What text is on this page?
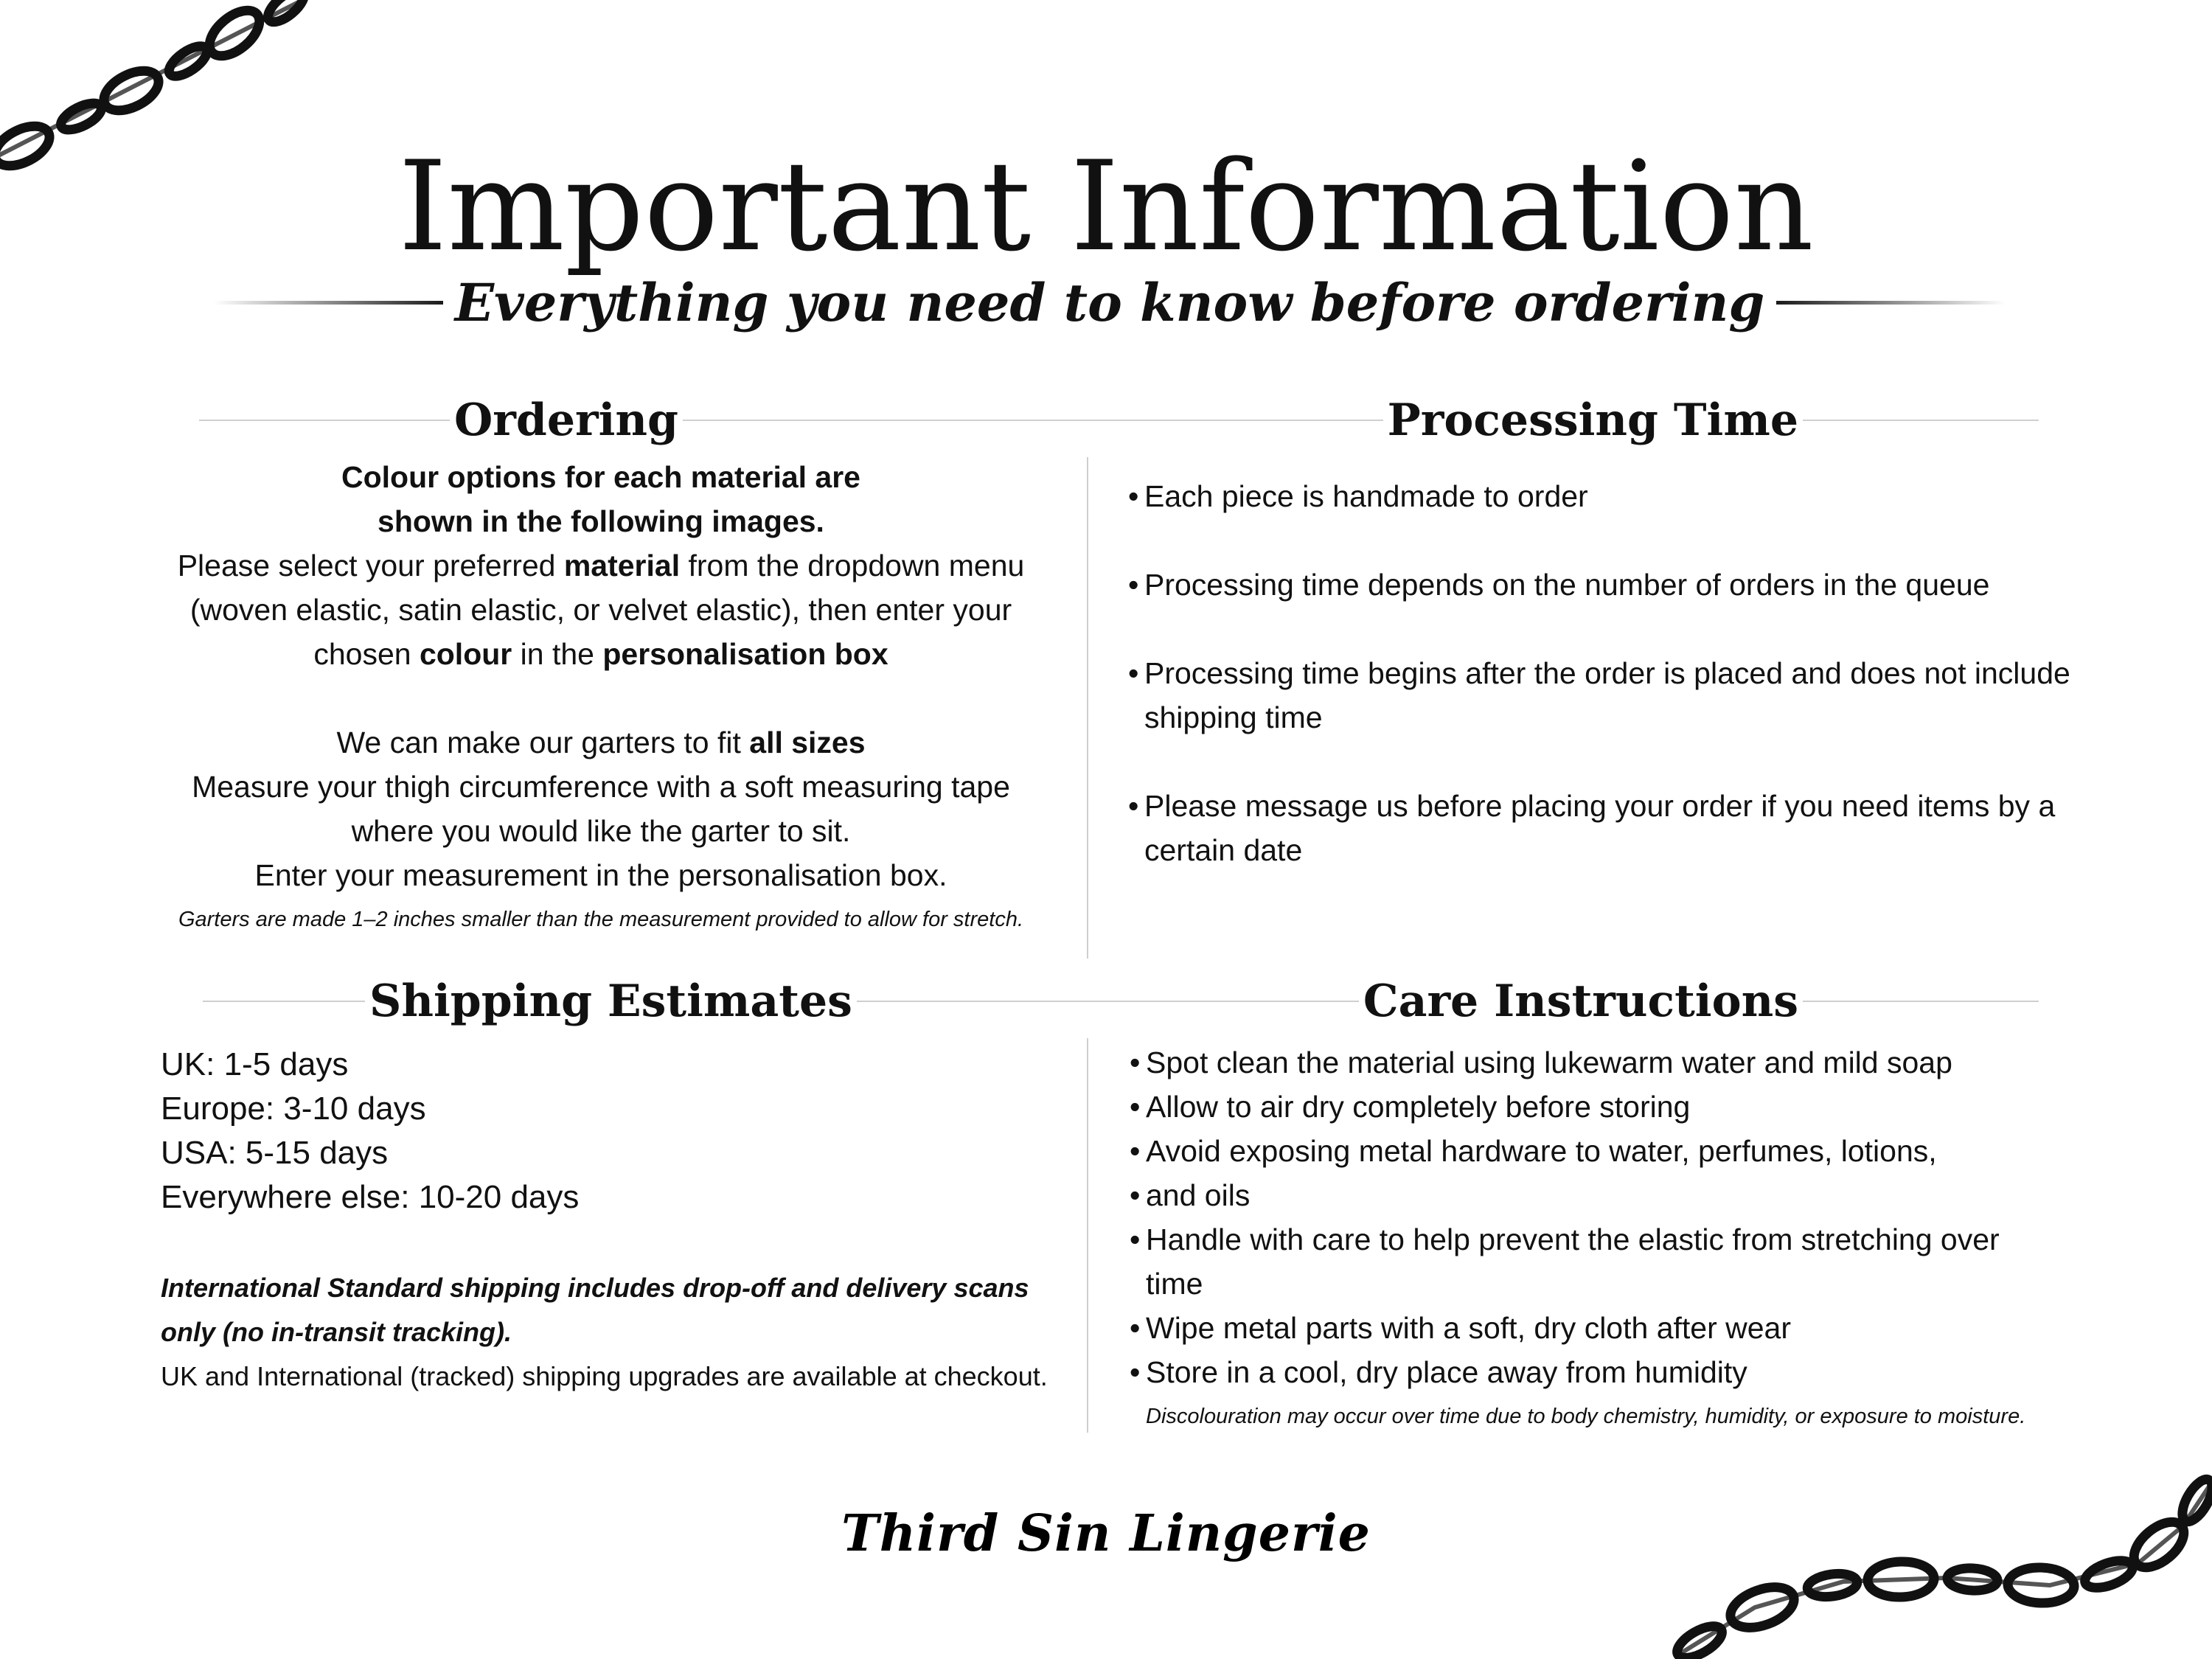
Important Information
Everything you need to know before ordering
Ordering	Processing Time
Shipping Estimates	Care Instructions
Colour options for each material are
shown in the following images.
Please select your preferred material from the dropdown menu
(woven elastic, satin elastic, or velvet elastic), then enter your
chosen colour in the personalisation box
We can make our garters to fit all sizes
Measure your thigh circumference with a soft measuring tape
where you would like the garter to sit.
Enter your measurement in the personalisation box.
Garters are made 1–2 inches smaller than the measurement provided to allow for stretch.
• Each piece is handmade to order
• Processing time depends on the number of orders in the queue
• Processing time begins after the order is placed and does not include shipping time
• Please message us before placing your order if you need items by a certain date
UK: 1-5 days
Europe: 3-10 days
USA: 5-15 days
Everywhere else: 10-20 days
International Standard shipping includes drop-off and delivery scans only (no in-transit tracking).
UK and International (tracked) shipping upgrades are available at checkout.
• Spot clean the material using lukewarm water and mild soap
• Allow to air dry completely before storing
• Avoid exposing metal hardware to water, perfumes, lotions,
• and oils
• Handle with care to help prevent the elastic from stretching over time
• Wipe metal parts with a soft, dry cloth after wear
• Store in a cool, dry place away from humidity
Discolouration may occur over time due to body chemistry, humidity, or exposure to moisture.
Third Sin Lingerie
